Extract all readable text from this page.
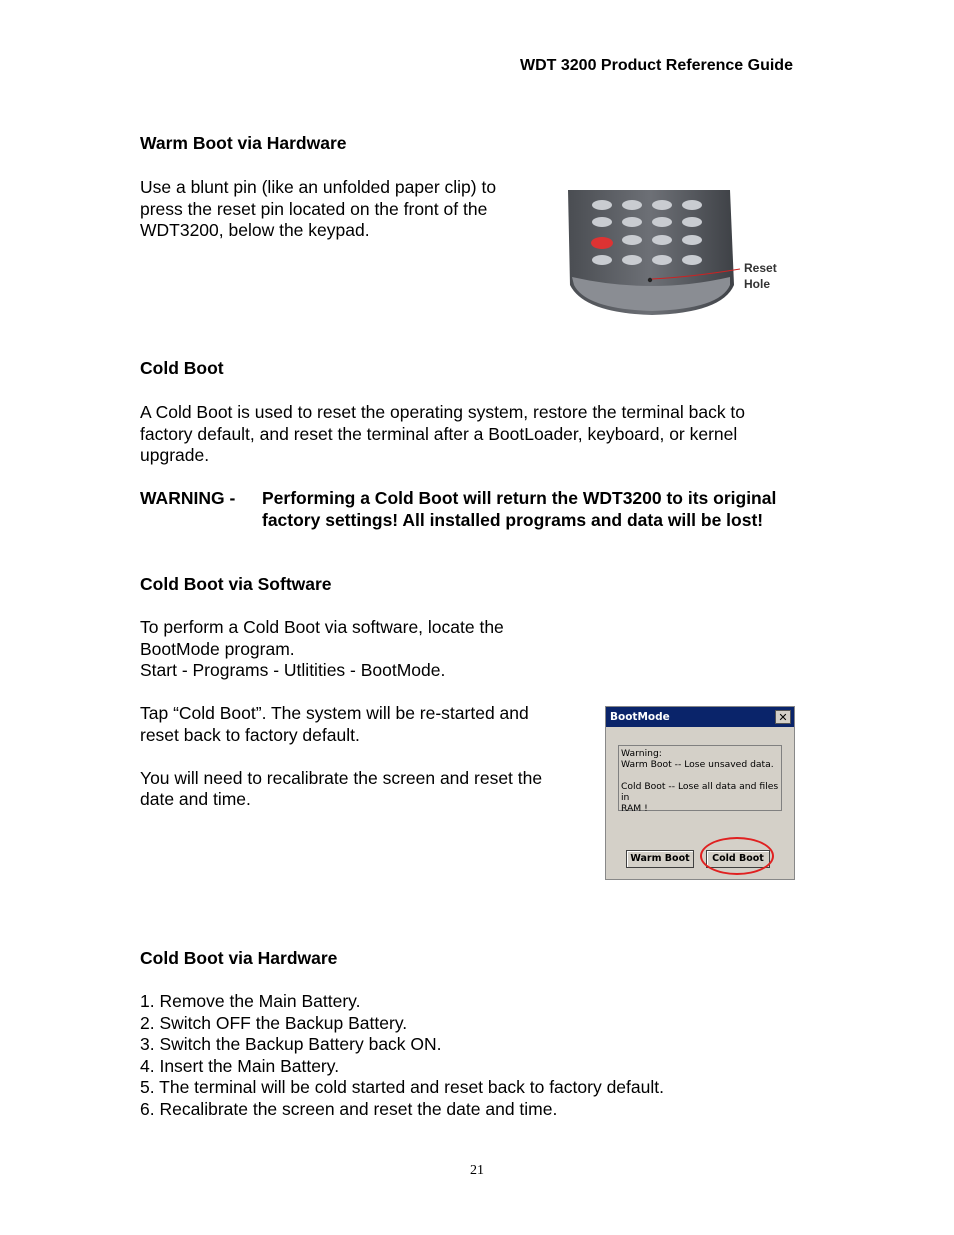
WDT 3200 Product Reference Guide
Warm Boot via Hardware
Use a blunt pin (like an unfolded paper clip) to
press the reset pin located on the front of the
WDT3200, below the keypad.
Reset
Hole
Cold Boot
A Cold Boot is used to reset the operating system, restore the terminal back to
factory default, and reset the terminal after a BootLoader, keyboard, or kernel
upgrade.
WARNING - Performing a Cold Boot will return the WDT3200 to its original
factory settings! All installed programs and data will be lost!
Cold Boot via Software
To perform a Cold Boot via software, locate the
BootMode program.
Start - Programs - Utlitities - BootMode.
Tap “Cold Boot”. The system will be re-started and
reset back to factory default.
You will need to recalibrate the screen and reset the
date and time.
BootMode	✕
Warning:
Warm Boot -- Lose unsaved data.
Cold Boot -- Lose all data and files in
RAM !
Warm Boot	Cold Boot
Cold Boot via Hardware
1. Remove the Main Battery.
2. Switch OFF the Backup Battery.
3. Switch the Backup Battery back ON.
4. Insert the Main Battery.
5. The terminal will be cold started and reset back to factory default.
6. Recalibrate the screen and reset the date and time.
21
